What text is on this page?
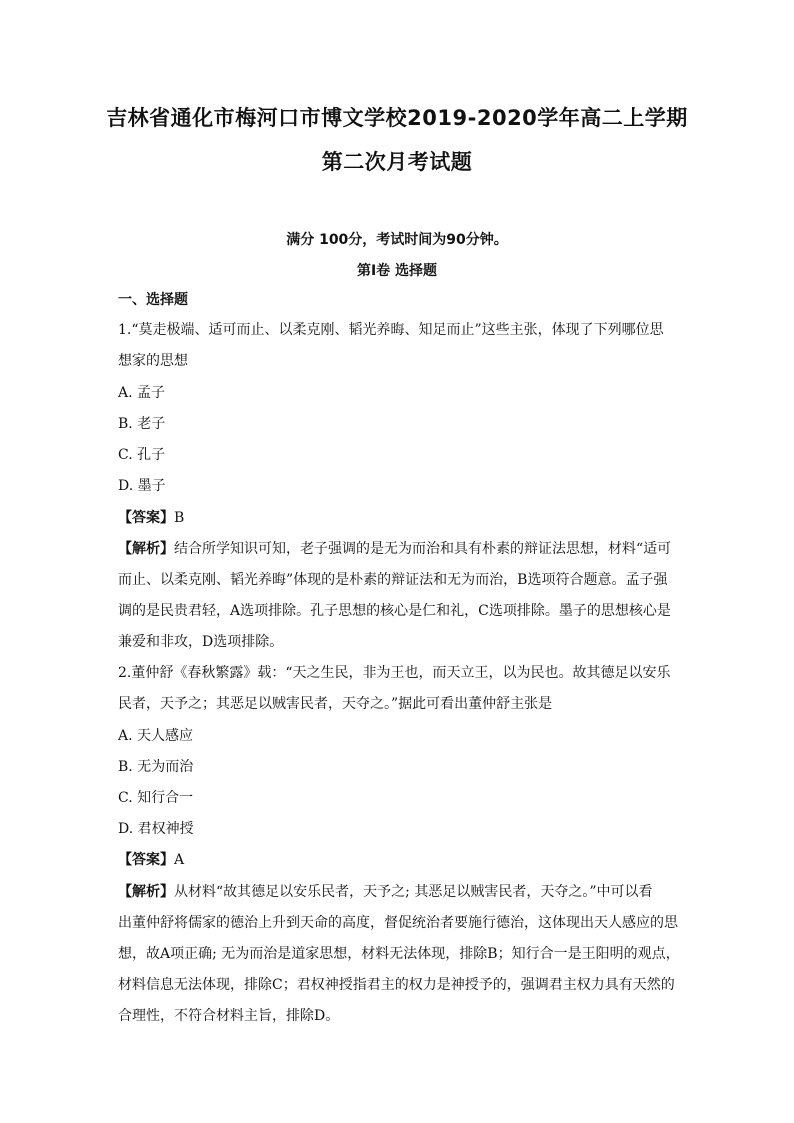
吉林省通化市梅河口市博文学校2019-2020学年高二上学期
第二次月考试题
满分 100分，考试时间为90分钟。
第Ⅰ卷 选择题
一、选择题
1.“莫走极端、适可而止、以柔克刚、韬光养晦、知足而止”这些主张，体现了下列哪位思
想家的思想
A. 孟子
B. 老子
C. 孔子
D. 墨子
【答案】B
【解析】结合所学知识可知，老子强调的是无为而治和具有朴素的辩证法思想，材料“适可
而止、以柔克刚、韬光养晦”体现的是朴素的辩证法和无为而治，B选项符合题意。孟子强
调的是民贵君轻，A选项排除。孔子思想的核心是仁和礼，C选项排除。墨子的思想核心是
兼爱和非攻，D选项排除。
2.董仲舒《春秋繁露》载：“天之生民，非为王也，而天立王，以为民也。故其德足以安乐
民者，天予之；其恶足以贼害民者，天夺之。”据此可看出董仲舒主张是
A. 天人感应
B. 无为而治
C. 知行合一
D. 君权神授
【答案】A
【解析】从材料“故其德足以安乐民者，天予之; 其恶足以贼害民者，天夺之。”中可以看
出董仲舒将儒家的德治上升到天命的高度，督促统治者要施行德治，这体现出天人感应的思
想，故A项正确; 无为而治是道家思想，材料无法体现，排除B；知行合一是王阳明的观点，
材料信息无法体现，排除C；君权神授指君主的权力是神授予的，强调君主权力具有天然的
合理性，不符合材料主旨，排除D。
